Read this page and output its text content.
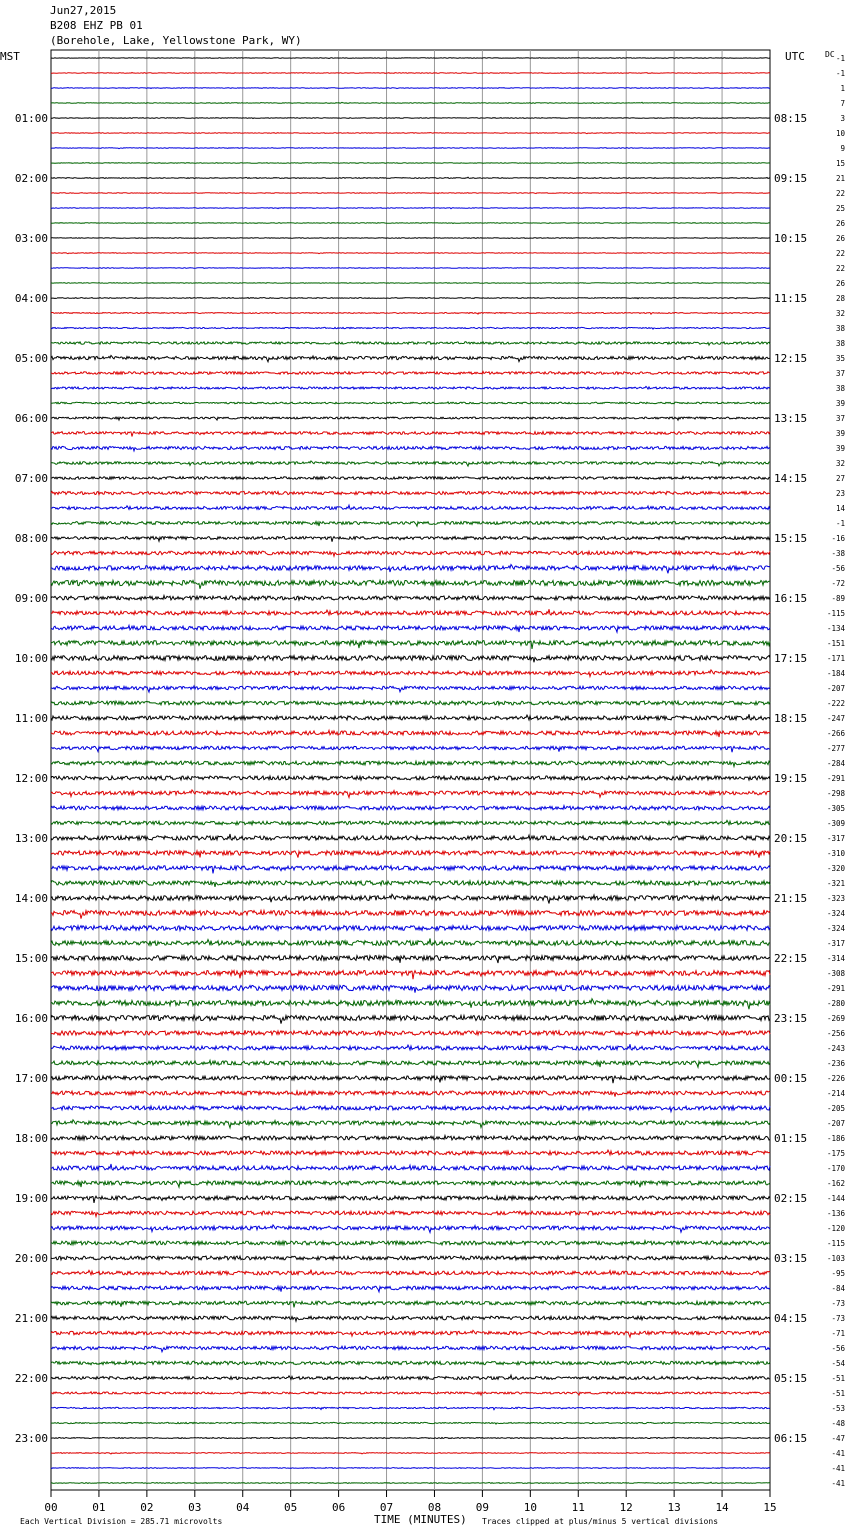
Jun27,2015
B208 EHZ PB 01
(Borehole, Lake, Yellowstone Park, WY)
00	01	02	03	04	05	06	07	08	09	10	11	12	13	14	15
01:00
02:00
03:00
04:00
05:00
06:00
07:00
08:00
09:00
10:00
11:00
12:00
13:00
14:00
15:00
16:00
17:00
18:00
19:00
20:00
21:00
22:00
23:00
08:15
09:15
10:15
11:15
12:15
13:15
14:15
15:15
16:15
17:15
18:15
19:15
20:15
21:15
22:15
23:15
00:15
01:15
02:15
03:15
04:15
05:15
06:15
-1
-1
1
7
3
10
9
15
21
22
25
26
26
22
22
26
28
32
38
38
35
37
38
39
37
39
39
32
27
23
14
-1
-16
-38
-56
-72
-89
-115
-134
-151
-171
-184
-207
-222
-247
-266
-277
-284
-291
-298
-305
-309
-317
-310
-320
-321
-323
-324
-324
-317
-314
-308
-291
-280
-269
-256
-243
-236
-226
-214
-205
-207
-186
-175
-170
-162
-144
-136
-120
-115
-103
-95
-84
-73
-73
-71
-56
-54
-51
-51
-53
-48
-47
-41
-41
-41
MST	UTC	DC
Each Vertical Division = 285.71 microvolts	TIME (MINUTES) Traces clipped at plus/minus 5 vertical divisions
